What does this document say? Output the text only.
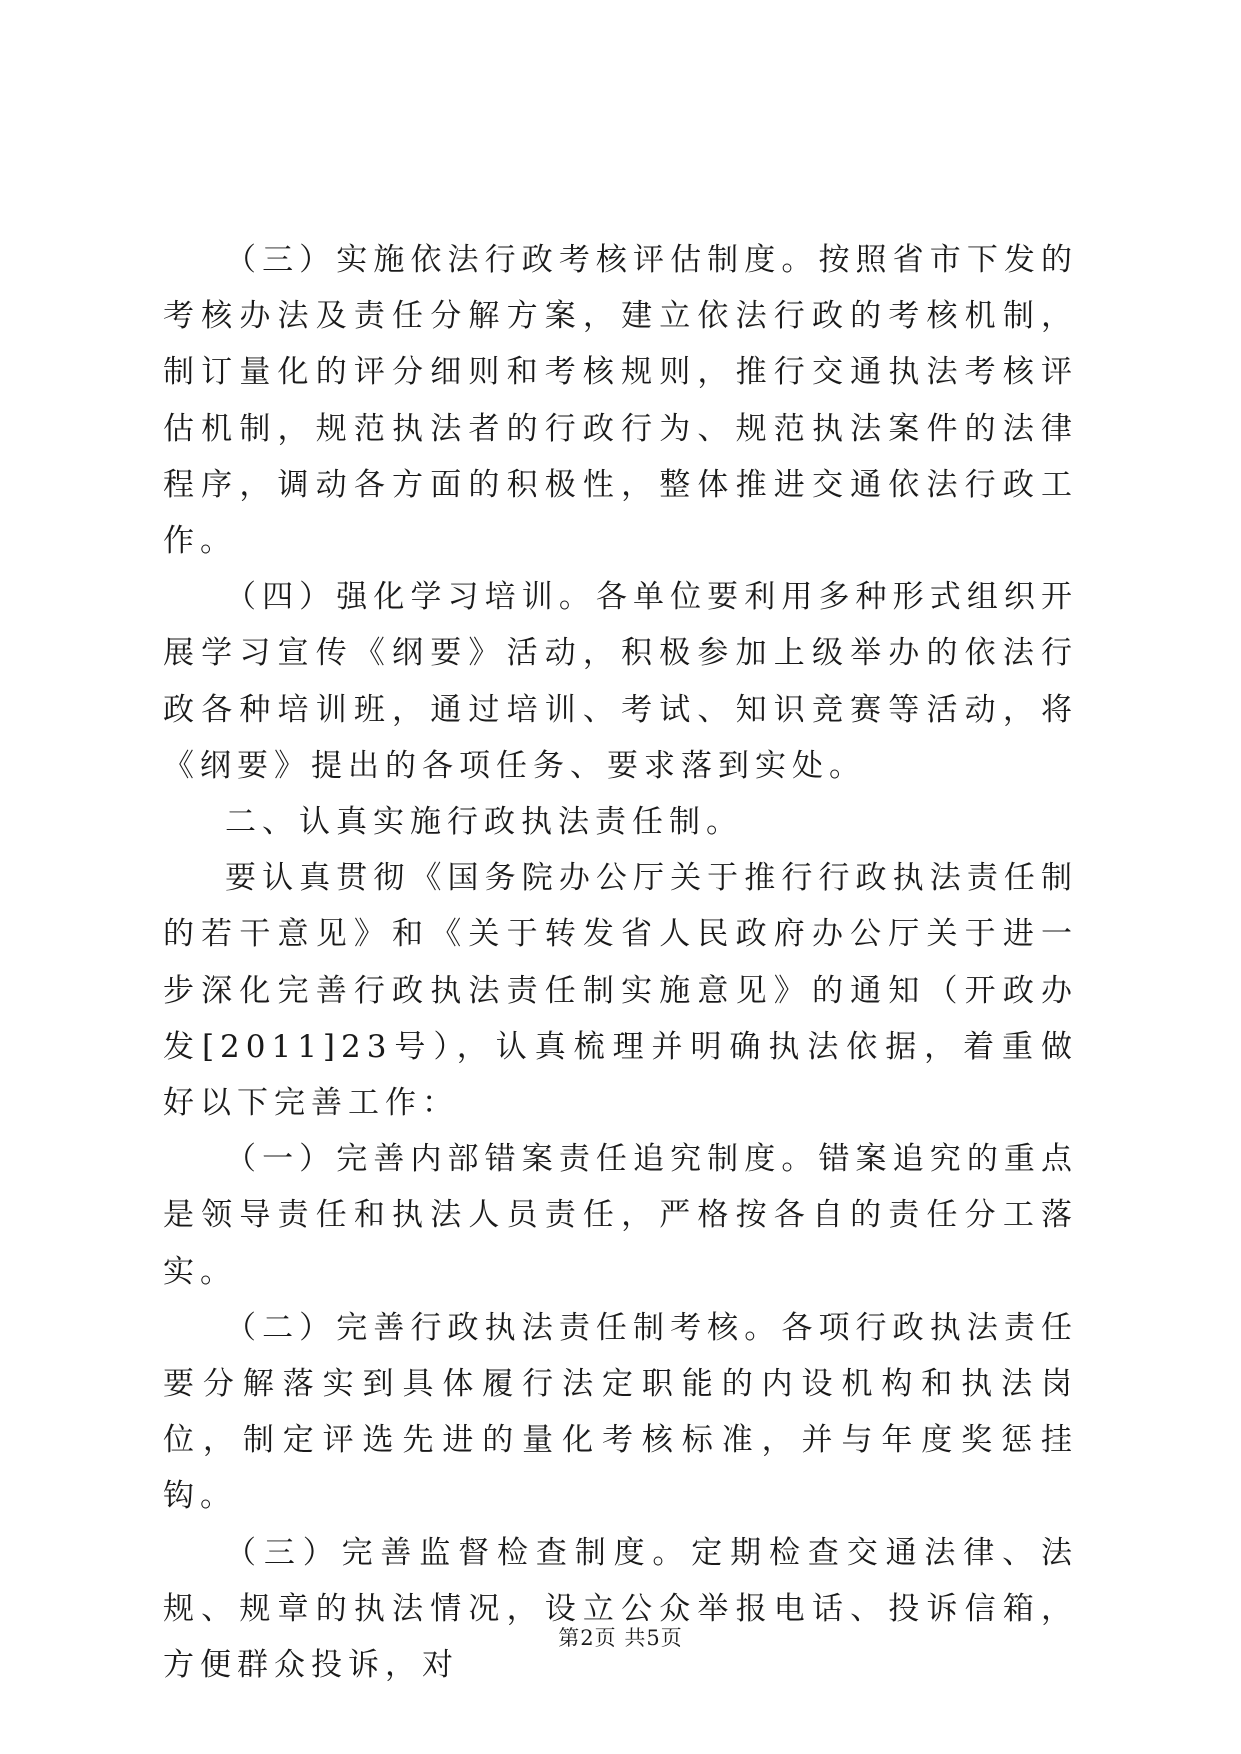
（三）实施依法行政考核评估制度。按照省市下发的考核办法及责任分解方案，建立依法行政的考核机制，制订量化的评分细则和考核规则，推行交通执法考核评估机制，规范执法者的行政行为、规范执法案件的法律程序，调动各方面的积极性，整体推进交通依法行政工作。

（四）强化学习培训。各单位要利用多种形式组织开展学习宣传《纲要》活动，积极参加上级举办的依法行政各种培训班，通过培训、考试、知识竞赛等活动，将《纲要》提出的各项任务、要求落到实处。

二、认真实施行政执法责任制。

要认真贯彻《国务院办公厅关于推行行政执法责任制的若干意见》和《关于转发省人民政府办公厅关于进一步深化完善行政执法责任制实施意见》的通知（开政办发[2011]23号），认真梳理并明确执法依据，着重做好以下完善工作：

（一）完善内部错案责任追究制度。错案追究的重点是领导责任和执法人员责任，严格按各自的责任分工落实。

（二）完善行政执法责任制考核。各项行政执法责任要分解落实到具体履行法定职能的内设机构和执法岗位，制定评选先进的量化考核标准，并与年度奖惩挂钩。

（三）完善监督检查制度。定期检查交通法律、法规、规章的执法情况，设立公众举报电话、投诉信箱，方便群众投诉，对

第2页 共5页
